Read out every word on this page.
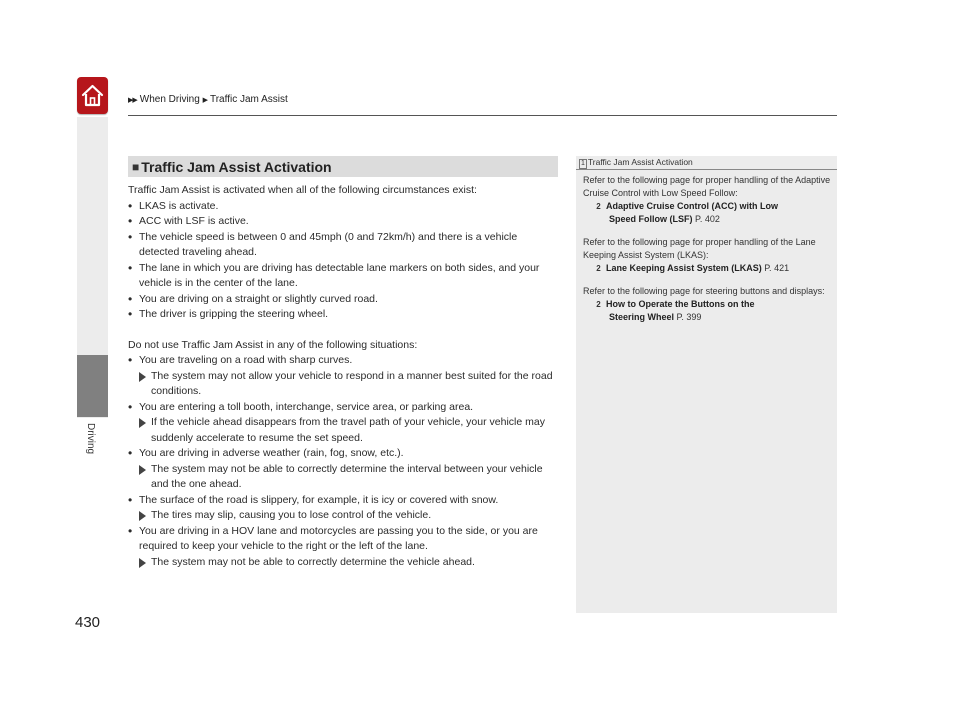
▶▶ When Driving ▶ Traffic Jam Assist
Driving
■ Traffic Jam Assist Activation

Traffic Jam Assist is activated when all of the following circumstances exist:

• LKAS is activate.

• ACC with LSF is active.

• The vehicle speed is between 0 and 45mph (0 and 72km/h) and there is a vehicle detected traveling ahead.

• The lane in which you are driving has detectable lane markers on both sides, and your vehicle is in the center of the lane.

• You are driving on a straight or slightly curved road.

• The driver is gripping the steering wheel.

Do not use Traffic Jam Assist in any of the following situations:

• You are traveling on a road with sharp curves.

The system may not allow your vehicle to respond in a manner best suited for the road conditions.

• You are entering a toll booth, interchange, service area, or parking area.

If the vehicle ahead disappears from the travel path of your vehicle, your vehicle may suddenly accelerate to resume the set speed.

• You are driving in adverse weather (rain, fog, snow, etc.).

The system may not be able to correctly determine the interval between your vehicle and the one ahead.

• The surface of the road is slippery, for example, it is icy or covered with snow.

The tires may slip, causing you to lose control of the vehicle.

• You are driving in a HOV lane and motorcycles are passing you to the side, or you are required to keep your vehicle to the right or the left of the lane.

The system may not be able to correctly determine the vehicle ahead.

1 Traffic Jam Assist Activation

Refer to the following page for proper handling of the Adaptive Cruise Control with Low Speed Follow:

2 Adaptive Cruise Control (ACC) with Low
Speed Follow (LSF) P. 402

Refer to the following page for proper handling of the Lane Keeping Assist System (LKAS):

2 Lane Keeping Assist System (LKAS) P. 421

Refer to the following page for steering buttons and displays:

2 How to Operate the Buttons on the
Steering Wheel P. 399

430
